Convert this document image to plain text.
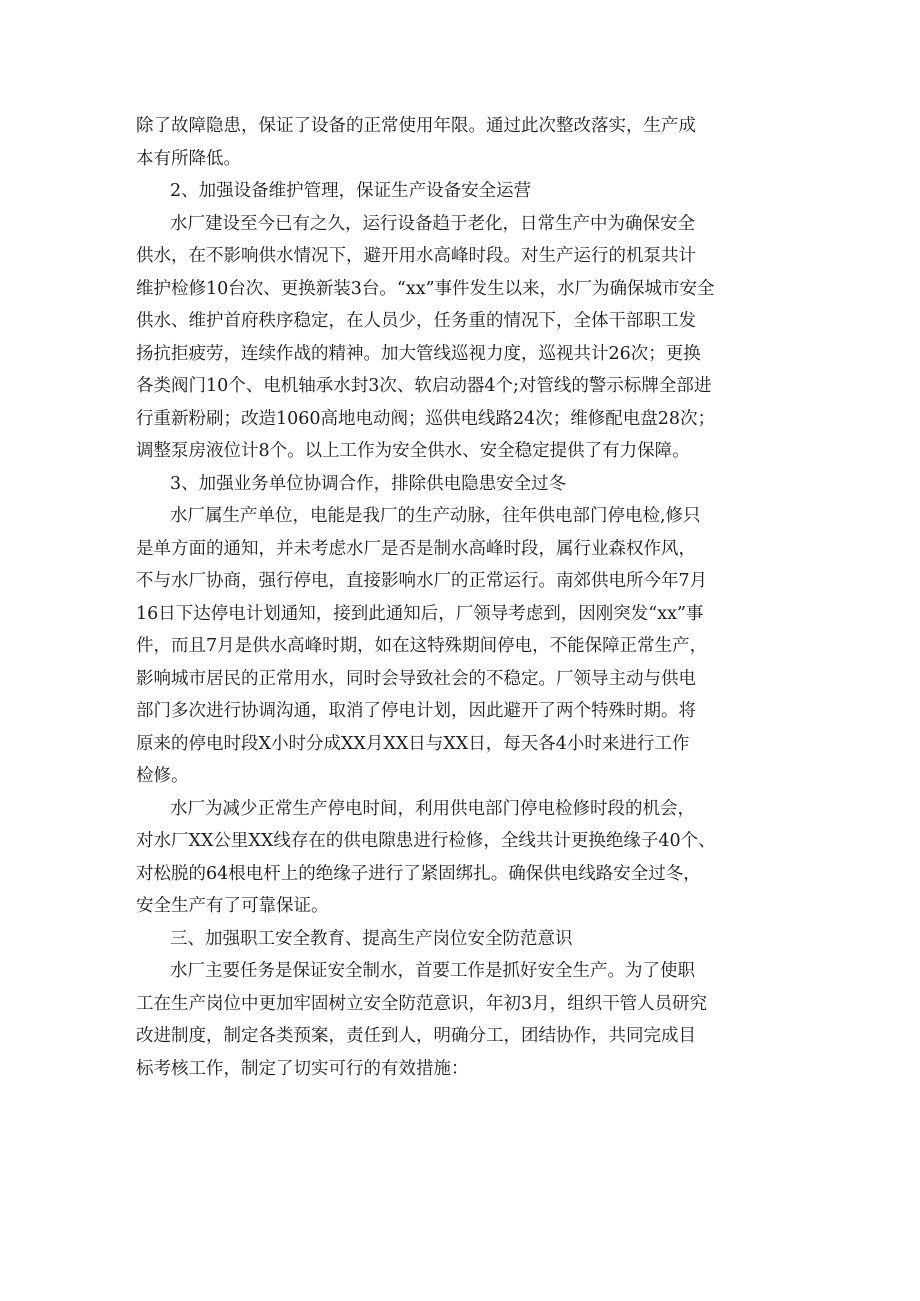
除了故障隐患，保证了设备的正常使用年限。通过此次整改落实，生产成
本有所降低。
2、加强设备维护管理，保证生产设备安全运营
水厂建设至今已有之久，运行设备趋于老化，日常生产中为确保安全
供水，在不影响供水情况下，避开用水高峰时段。对生产运行的机泵共计
维护检修10台次、更换新装3台。“xx”事件发生以来，水厂为确保城市安全
供水、维护首府秩序稳定，在人员少，任务重的情况下，全体干部职工发
扬抗拒疲劳，连续作战的精神。加大管线巡视力度，巡视共计26次；更换
各类阀门10个、电机轴承水封3次、软启动器4个;对管线的警示标牌全部进
行重新粉刷；改造1060高地电动阀；巡供电线路24次；维修配电盘28次；
调整泵房液位计8个。以上工作为安全供水、安全稳定提供了有力保障。
3、加强业务单位协调合作，排除供电隐患安全过冬
水厂属生产单位，电能是我厂的生产动脉，往年供电部门停电检,修只
是单方面的通知，并未考虑水厂是否是制水高峰时段，属行业森权作风，
不与水厂协商，强行停电，直接影响水厂的正常运行。南郊供电所今年7月
16日下达停电计划通知，接到此通知后，厂领导考虑到，因刚突发“xx”事
件，而且7月是供水高峰时期，如在这特殊期间停电，不能保障正常生产，
影响城市居民的正常用水，同时会导致社会的不稳定。厂领导主动与供电
部门多次进行协调沟通，取消了停电计划，因此避开了两个特殊时期。将
原来的停电时段X小时分成XX月XX日与XX日，每天各4小时来进行工作
检修。
水厂为减少正常生产停电时间，利用供电部门停电检修时段的机会，
对水厂XX公里XX线存在的供电隙患进行检修，全线共计更换绝缘子40个、
对松脱的64根电杆上的绝缘子进行了紧固绑扎。确保供电线路安全过冬，
安全生产有了可靠保证。
三、加强职工安全教育、提高生产岗位安全防范意识
水厂主要任务是保证安全制水，首要工作是抓好安全生产。为了使职
工在生产岗位中更加牢固树立安全防范意识，年初3月，组织干管人员研究
改进制度，制定各类预案，责任到人，明确分工，团结协作，共同完成目
标考核工作，制定了切实可行的有效措施：
